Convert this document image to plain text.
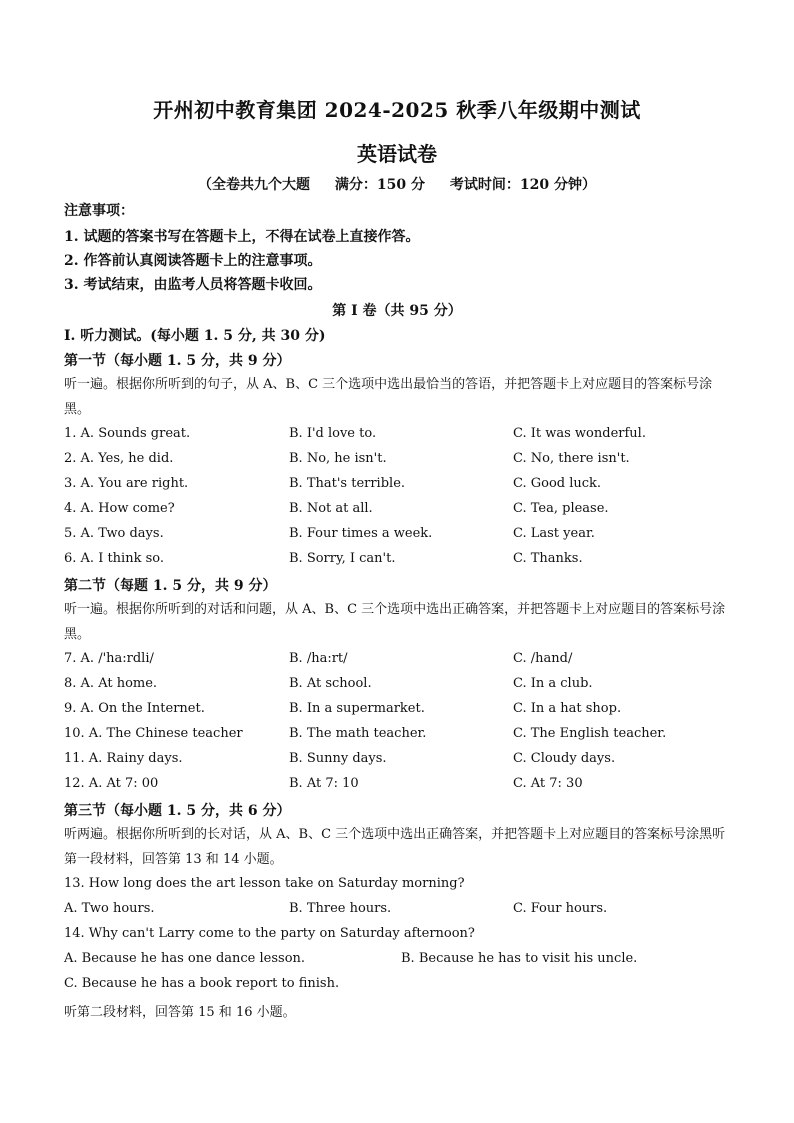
开州初中教育集团 2024-2025 秋季八年级期中测试
英语试卷
（全卷共九个大题 满分：150 分 考试时间：120 分钟）
注意事项：
1. 试题的答案书写在答题卡上，不得在试卷上直接作答。
2. 作答前认真阅读答题卡上的注意事项。
3. 考试结束，由监考人员将答题卡收回。
第 I 卷（共 95 分）
I. 听力测试。(每小题 1. 5 分, 共 30 分)
第一节（每小题 1. 5 分，共 9 分）
听一遍。根据你所听到的句子，从 A、B、C 三个选项中选出最恰当的答语，并把答题卡上对应题目的答案标号涂黑。
1. A. Sounds great.	B. I'd love to.	C. It was wonderful.
2. A. Yes, he did.	B. No, he isn't.	C. No, there isn't.
3. A. You are right.	B. That's terrible.	C. Good luck.
4. A. How come?	B. Not at all.	C. Tea, please.
5. A. Two days.	B. Four times a week.	C. Last year.
6. A. I think so.	B. Sorry, I can't.	C. Thanks.
第二节（每题 1. 5 分，共 9 分）
听一遍。根据你所听到的对话和问题，从 A、B、C 三个选项中选出正确答案，并把答题卡上对应题目的答案标号涂黑。
7. A. /'ha:rdli/	B. /ha:rt/	C. /hand/
8. A. At home.	B. At school.	C. In a club.
9. A. On the Internet.	B. In a supermarket.	C. In a hat shop.
10. A. The Chinese teacher	B. The math teacher.	C. The English teacher.
11. A. Rainy days.	B. Sunny days.	C. Cloudy days.
12. A. At 7: 00	B. At 7: 10	C. At 7: 30
第三节（每小题 1. 5 分，共 6 分）
听两遍。根据你所听到的长对话，从 A、B、C 三个选项中选出正确答案，并把答题卡上对应题目的答案标号涂黑听第一段材料，回答第 13 和 14 小题。
13. How long does the art lesson take on Saturday morning?
A. Two hours.	B. Three hours.	C. Four hours.
14. Why can't Larry come to the party on Saturday afternoon?
A. Because he has one dance lesson.	B. Because he has to visit his uncle.
C. Because he has a book report to finish.
听第二段材料，回答第 15 和 16 小题。
